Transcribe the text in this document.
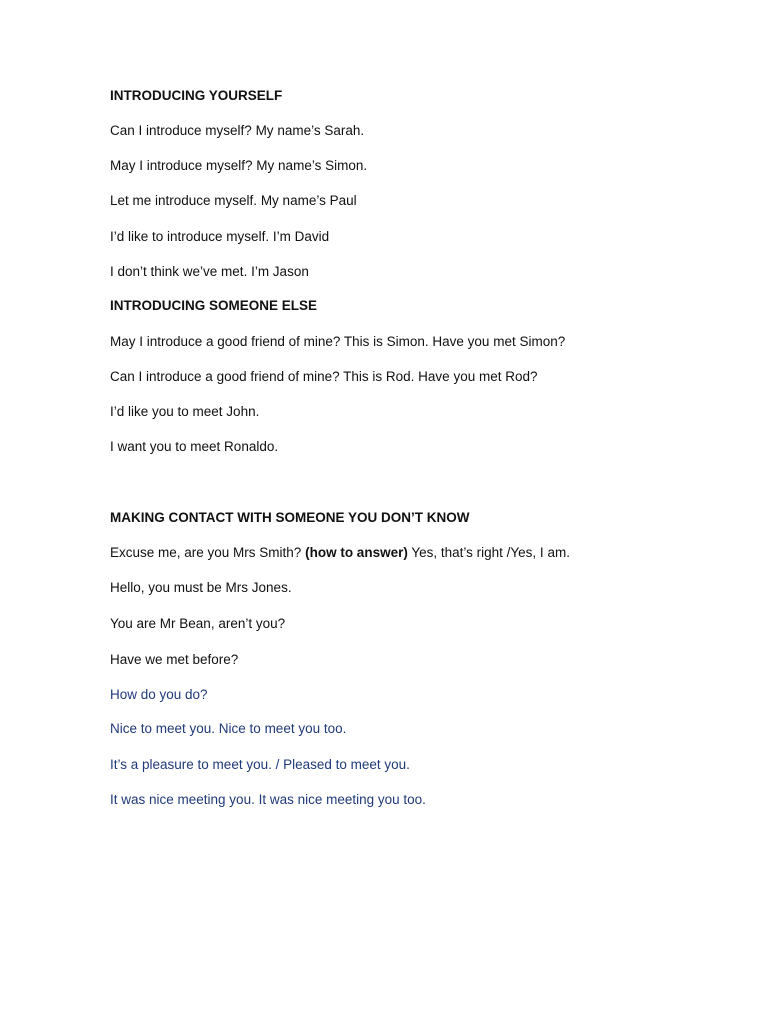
INTRODUCING YOURSELF
Can I introduce myself? My name’s Sarah.
May I introduce myself? My name’s Simon.
Let me introduce myself. My name’s Paul
I’d like to introduce myself. I’m David
I don’t think we’ve met. I’m Jason
INTRODUCING SOMEONE ELSE
May I introduce a good friend of mine? This is Simon. Have you met Simon?
Can I introduce a good friend of mine? This is Rod. Have you met Rod?
I’d like you to meet John.
I want you to meet Ronaldo.
MAKING CONTACT WITH SOMEONE YOU DON’T KNOW
Excuse me, are you Mrs Smith? (how to answer) Yes, that’s right /Yes, I am.
Hello, you must be Mrs Jones.
You are Mr Bean, aren’t you?
Have we met before?
How do you do?
Nice to meet you. Nice to meet you too.
It’s a pleasure to meet you. / Pleased to meet you.
It was nice meeting you. It was nice meeting you too.
